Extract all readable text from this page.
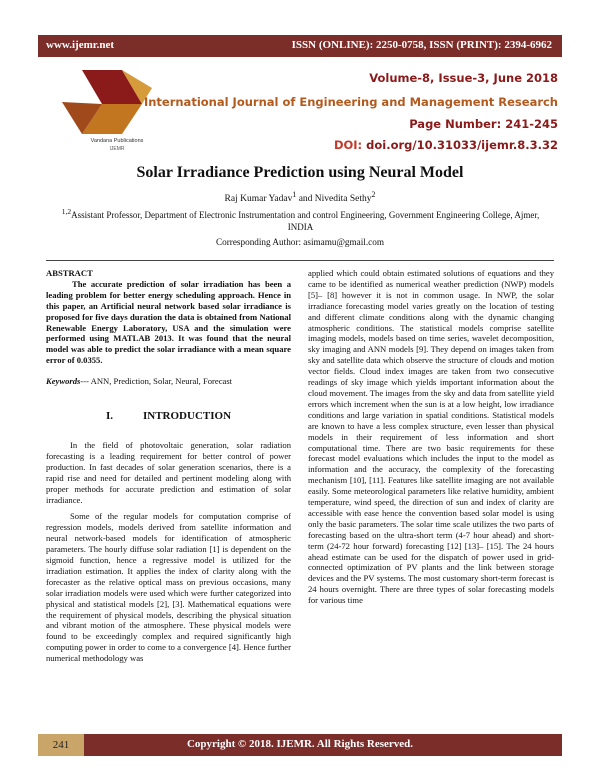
www.ijemr.net	ISSN (ONLINE): 2250-0758, ISSN (PRINT): 2394-6962
Vandana Publications
IJEMR
Volume-8, Issue-3, June 2018
International Journal of Engineering and Management Research
Page Number: 241-245
DOI: doi.org/10.31033/ijemr.8.3.32
Solar Irradiance Prediction using Neural Model
Raj Kumar Yadav$^1$ and Nivedita Sethy$^2$
$^{1,2}$Assistant Professor, Department of Electronic Instrumentation and control Engineering, Government Engineering College, Ajmer, INDIA
Corresponding Author: asimamu@gmail.com

ABSTRACT

The accurate prediction of solar irradiation has been a leading problem for better energy scheduling approach. Hence in this paper, an Artificial neural network based solar irradiance is proposed for five days duration the data is obtained from National Renewable Energy Laboratory, USA and the simulation were performed using MATLAB 2013. It was found that the neural model was able to predict the solar irradiance with a mean square error of 0.0355.

Keywords--- ANN, Prediction, Solar, Neural, Forecast

I.	INTRODUCTION

In the field of photovoltaic generation, solar radiation forecasting is a leading requirement for better control of power production. In fast decades of solar generation scenarios, there is a rapid rise and need for detailed and pertinent modeling along with proper methods for accurate prediction and estimation of solar irradiance.

Some of the regular models for computation comprise of regression models, models derived from satellite information and neural network-based models for identification of atmospheric parameters. The hourly diffuse solar radiation [1] is dependent on the sigmoid function, hence a regressive model is utilized for the irradiation estimation. It applies the index of clarity along with the forecaster as the relative optical mass on previous occasions, many solar irradiation models were used which were further categorized into physical and statistical models [2], [3]. Mathematical equations were the requirement of physical models, describing the physical situation and vibrant motion of the atmosphere. These physical models were found to be exceedingly complex and required significantly high computing power in order to come to a convergence [4]. Hence further numerical methodology was

applied which could obtain estimated solutions of equations and they came to be identified as numerical weather prediction (NWP) models [5]– [8] however it is not in common usage. In NWP, the solar irradiance forecasting model varies greatly on the location of testing and different climate conditions along with the dynamic changing atmospheric conditions. The statistical models comprise satellite imaging models, models based on time series, wavelet decomposition, sky imaging and ANN models [9]. They depend on images taken from sky and satellite data which observe the structure of clouds and motion vector fields. Cloud index images are taken from two consecutive readings of sky image which yields important information about the cloud movement. The images from the sky and data from satellite yield errors which increment when the sun is at a low height, low irradiance conditions and large variation in spatial conditions. Statistical models are known to have a less complex structure, even lesser than physical models in their requirement of less information and short computational time. There are two basic requirements for these forecast model evaluations which includes the input to the model as information and the accuracy, the complexity of the forecasting mechanism [10], [11]. Features like satellite imaging are not available easily. Some meteorological parameters like relative humidity, ambient temperature, wind speed, the direction of sun and index of clarity are accessible with ease hence the convention based solar model is using only the basic parameters. The solar time scale utilizes the two parts of forecasting based on the ultra-short term (4-7 hour ahead) and short-term (24-72 hour forward) forecasting [12] [13]– [15]. The 24 hours ahead estimate can be used for the dispatch of power used in grid-connected optimization of PV plants and the link between storage devices and the PV systems. The most customary short-term forecast is 24 hours overnight. There are three types of solar forecasting models for various time

Copyright © 2018. IJEMR. All Rights Reserved.
241
